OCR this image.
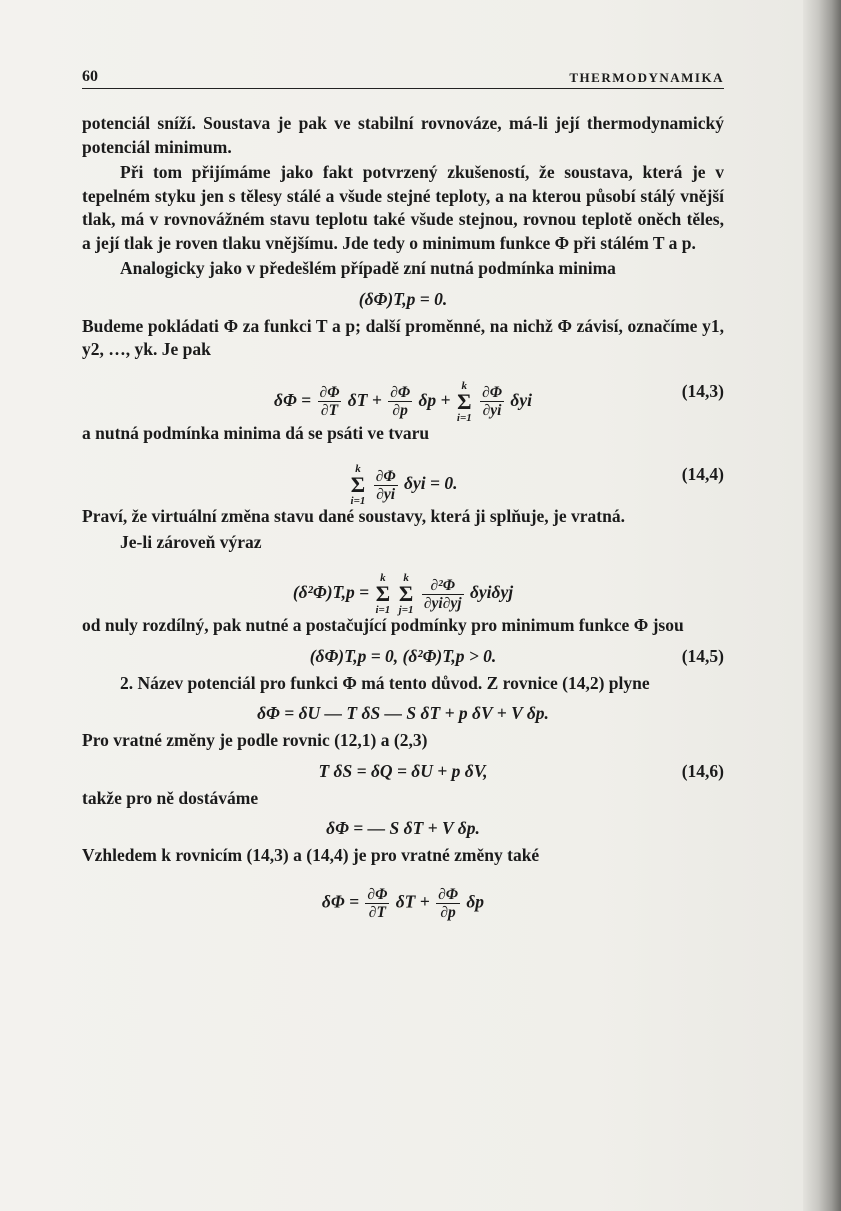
60	THERMODYNAMIKA

potenciál sníží. Soustava je pak ve stabilní rovnováze, má-li její thermodynamický potenciál minimum.

Při tom přijímáme jako fakt potvrzený zkušeností, že soustava, která je v tepelném styku jen s tělesy stálé a všude stejné teploty, a na kterou působí stálý vnější tlak, má v rovnovážném stavu teplotu také všude stejnou, rovnou teplotě oněch těles, a její tlak je roven tlaku vnějšímu. Jde tedy o minimum funkce Φ při stálém T a p.

Analogicky jako v předešlém případě zní nutná podmínka minima

(δΦ)T,p = 0.

Budeme pokládati Φ za funkci T a p; další proměnné, na nichž Φ závisí, označíme y1, y2, …, yk. Je pak

$\delta\Phi = \frac{\partial\Phi}{\partial T}$ $\delta T + \frac{\partial\Phi}{\partial p}$ δp + k
Σ
$i=1 \frac{\partial\Phi}{\partial yi}$ δyi	(14,3)

a nutná podmínka minima dá se psáti ve tvaru

k
Σ
$i=1 \frac{\partial\Phi}{\partial yi}$ δyi = 0.	(14,4)

Praví, že virtuální změna stavu dané soustavy, která ji splňuje, je vratná.

Je-li zároveň výraz

(δ²Φ)T,p = k
Σ
i=1 k
Σ
$j=1 \frac{\text{∂²Φ}}{\partial yi\partial yj}$ δyiδyj

od nuly rozdílný, pak nutné a postačující podmínky pro minimum funkce Φ jsou

(δΦ)T,p = 0, (δ²Φ)T,p > 0.	(14,5)

2. Název potenciál pro funkci Φ má tento důvod. Z rovnice (14,2) plyne

δΦ = δU — T δS — S δT + p δV + V δp.

Pro vratné změny je podle rovnic (12,1) a (2,3)

T δS = δQ = δU + p δV,	(14,6)

takže pro ně dostáváme

δΦ = — S δT + V δp.

Vzhledem k rovnicím (14,3) a (14,4) je pro vratné změny také

$\delta\Phi = \frac{\partial\Phi}{\partial T}$ $\delta T + \frac{\partial\Phi}{\partial p}$ δp
